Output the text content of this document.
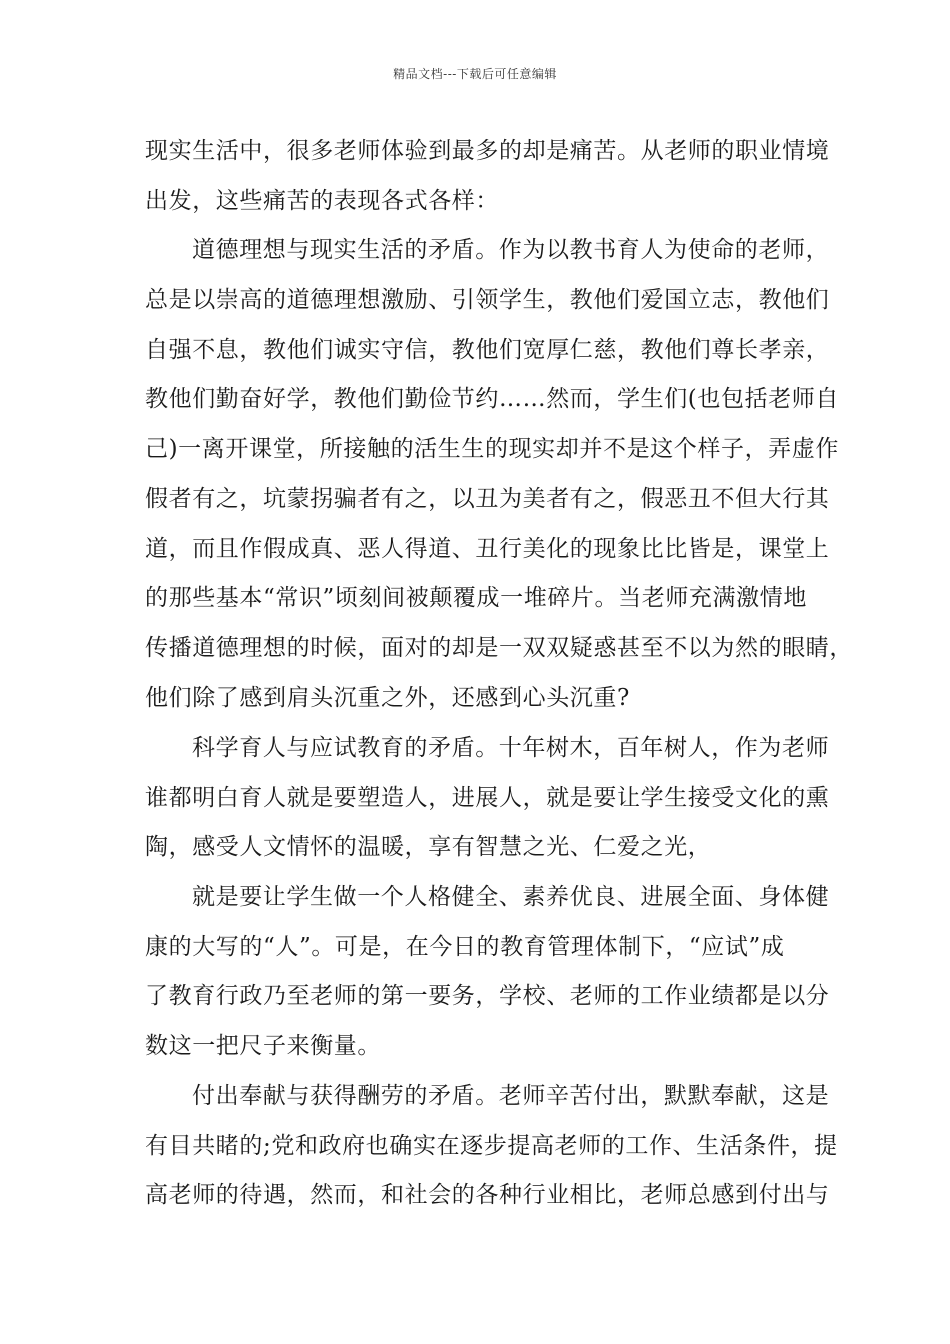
精品文档---下载后可任意编辑
现实生活中，很多老师体验到最多的却是痛苦。从老师的职业情境
出发，这些痛苦的表现各式各样：
道德理想与现实生活的矛盾。作为以教书育人为使命的老师，
总是以崇高的道德理想激励、引领学生，教他们爱国立志，教他们
自强不息，教他们诚实守信，教他们宽厚仁慈，教他们尊长孝亲，
教他们勤奋好学，教他们勤俭节约……然而，学生们(也包括老师自
己)一离开课堂，所接触的活生生的现实却并不是这个样子，弄虚作
假者有之，坑蒙拐骗者有之，以丑为美者有之，假恶丑不但大行其
道，而且作假成真、恶人得道、丑行美化的现象比比皆是，课堂上
的那些基本“常识”顷刻间被颠覆成一堆碎片。当老师充满激情地
传播道德理想的时候，面对的却是一双双疑惑甚至不以为然的眼睛，
他们除了感到肩头沉重之外，还感到心头沉重?
科学育人与应试教育的矛盾。十年树木，百年树人，作为老师
谁都明白育人就是要塑造人，进展人，就是要让学生接受文化的熏
陶，感受人文情怀的温暖，享有智慧之光、仁爱之光，
就是要让学生做一个人格健全、素养优良、进展全面、身体健
康的大写的“人”。可是，在今日的教育管理体制下，“应试”成
了教育行政乃至老师的第一要务，学校、老师的工作业绩都是以分
数这一把尺子来衡量。
付出奉献与获得酬劳的矛盾。老师辛苦付出，默默奉献，这是
有目共睹的;党和政府也确实在逐步提高老师的工作、生活条件，提
高老师的待遇，然而，和社会的各种行业相比，老师总感到付出与
